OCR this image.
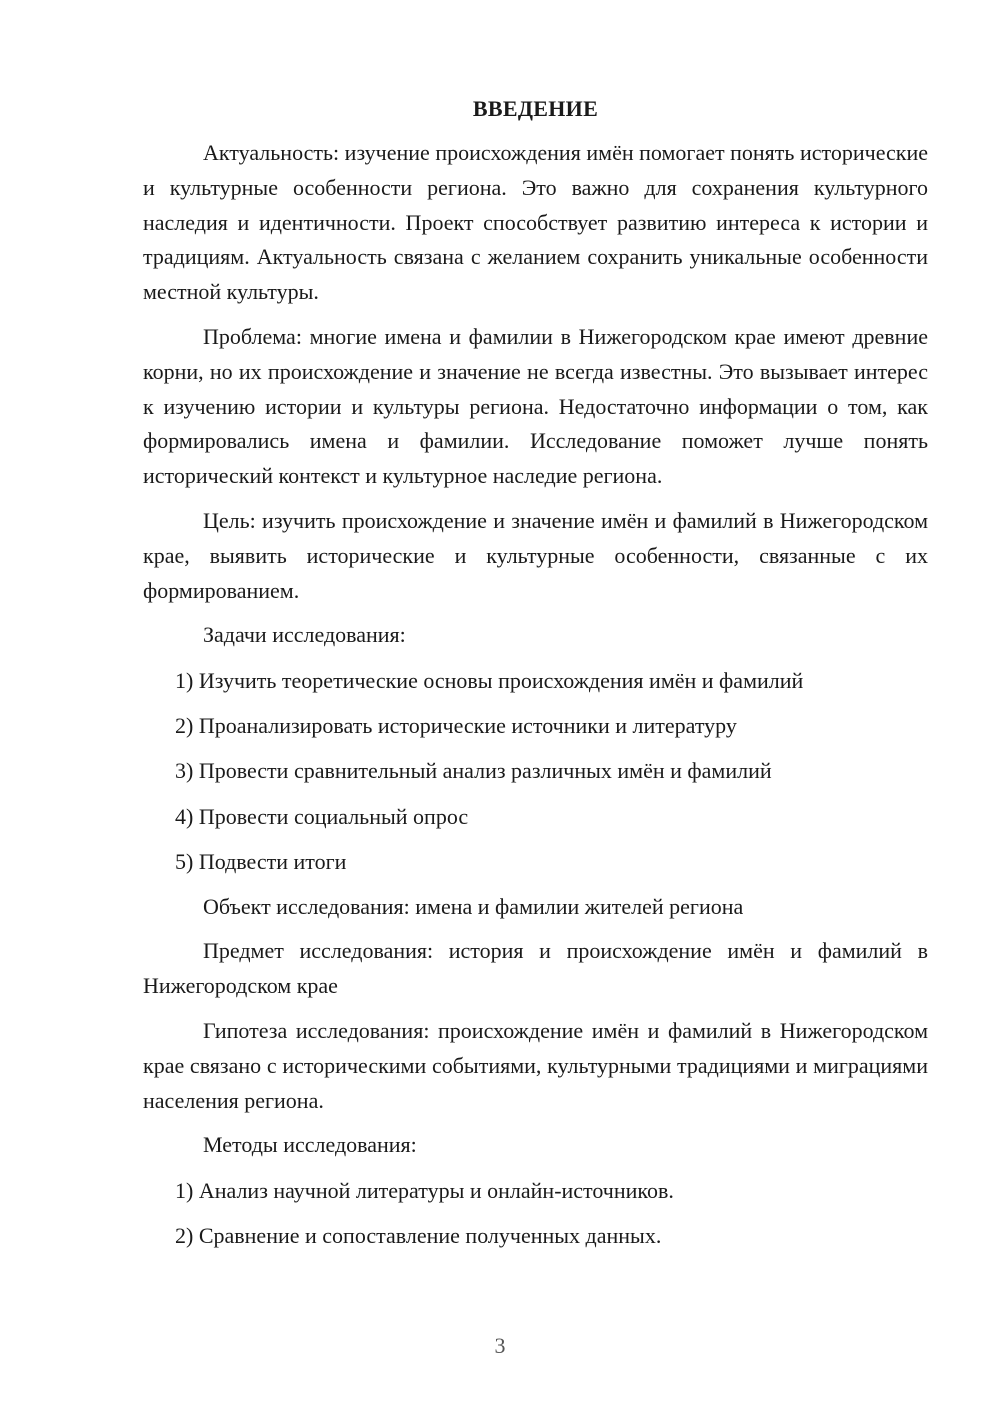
ВВЕДЕНИЕ

Актуальность: изучение происхождения имён помогает понять исторические и культурные особенности региона. Это важно для сохранения культурного наследия и идентичности. Проект способствует развитию интереса к истории и традициям. Актуальность связана с желанием сохранить уникальные особенности местной культуры.

Проблема: многие имена и фамилии в Нижегородском крае имеют древние корни, но их происхождение и значение не всегда известны. Это вызывает интерес к изучению истории и культуры региона. Недостаточно информации о том, как формировались имена и фамилии. Исследование поможет лучше понять исторический контекст и культурное наследие региона.

Цель: изучить происхождение и значение имён и фамилий в Нижегородском крае, выявить исторические и культурные особенности, связанные с их формированием.

Задачи исследования:

1) Изучить теоретические основы происхождения имён и фамилий
2) Проанализировать исторические источники и литературу
3) Провести сравнительный анализ различных имён и фамилий
4) Провести социальный опрос
5) Подвести итоги

Объект исследования: имена и фамилии жителей региона

Предмет исследования: история и происхождение имён и фамилий в Нижегородском крае

Гипотеза исследования: происхождение имён и фамилий в Нижегородском крае связано с историческими событиями, культурными традициями и миграциями населения региона.

Методы исследования:

1) Анализ научной литературы и онлайн-источников.
2) Сравнение и сопоставление полученных данных.
3
